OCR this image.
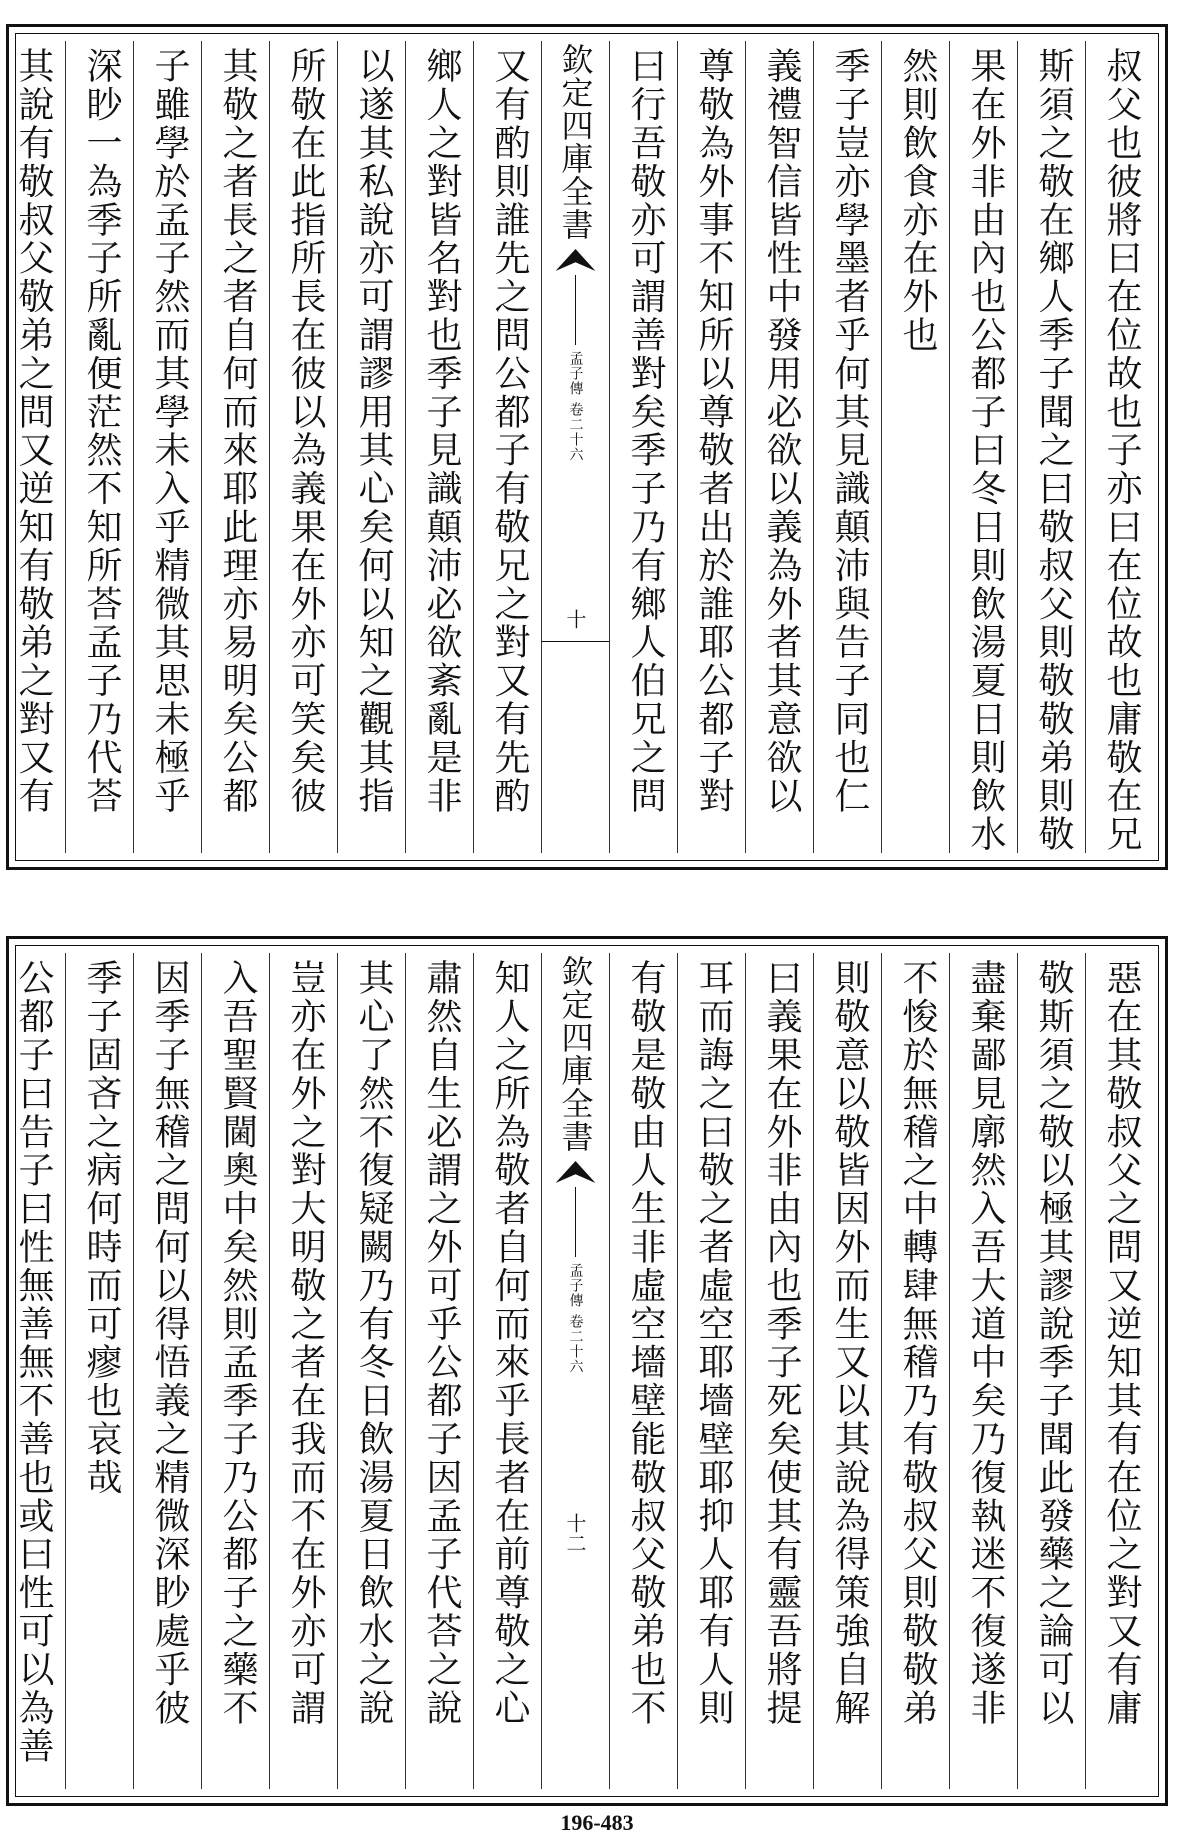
叔父也彼將曰在位故也子亦曰在位故也庸敬在兄
斯須之敬在鄉人季子聞之曰敬叔父則敬敬弟則敬
果在外非由內也公都子曰冬日則飲湯夏日則飲水
然則飲食亦在外也
季子豈亦學墨者乎何其見識顛沛與告子同也仁
義禮智信皆性中發用必欲以義為外者其意欲以
尊敬為外事不知所以尊敬者出於誰耶公都子對
曰行吾敬亦可謂善對矣季子乃有鄉人伯兄之問
欽定四庫全書
孟子傳
卷二十六
十
又有酌則誰先之問公都子有敬兄之對又有先酌
鄉人之對皆名對也季子見識顛沛必欲紊亂是非
以遂其私說亦可謂謬用其心矣何以知之觀其指
所敬在此指所長在彼以為義果在外亦可笑矣彼
其敬之者長之者自何而來耶此理亦易明矣公都
子雖學於孟子然而其學未入乎精微其思未極乎
深眇一為季子所亂便茫然不知所荅孟子乃代荅
其說有敬叔父敬弟之問又逆知有敬弟之對又有
惡在其敬叔父之問又逆知其有在位之對又有庸
敬斯須之敬以極其謬說季子聞此發藥之論可以
盡棄鄙見廓然入吾大道中矣乃復執迷不復遂非
不悛於無稽之中轉肆無稽乃有敬叔父則敬敬弟
則敬意以敬皆因外而生又以其說為得策強自解
曰義果在外非由內也季子死矣使其有靈吾將提
耳而誨之曰敬之者虛空耶墻壁耶抑人耶有人則
有敬是敬由人生非虛空墻壁能敬叔父敬弟也不
欽定四庫全書
孟子傳
卷二十六
十二
知人之所為敬者自何而來乎長者在前尊敬之心
肅然自生必謂之外可乎公都子因孟子代荅之說
其心了然不復疑闕乃有冬日飲湯夏日飲水之說
豈亦在外之對大明敬之者在我而不在外亦可謂
入吾聖賢閫奧中矣然則孟季子乃公都子之藥不
因季子無稽之問何以得悟義之精微深眇處乎彼
季子固吝之病何時而可瘳也哀哉
公都子曰告子曰性無善無不善也或曰性可以為善
196-483
